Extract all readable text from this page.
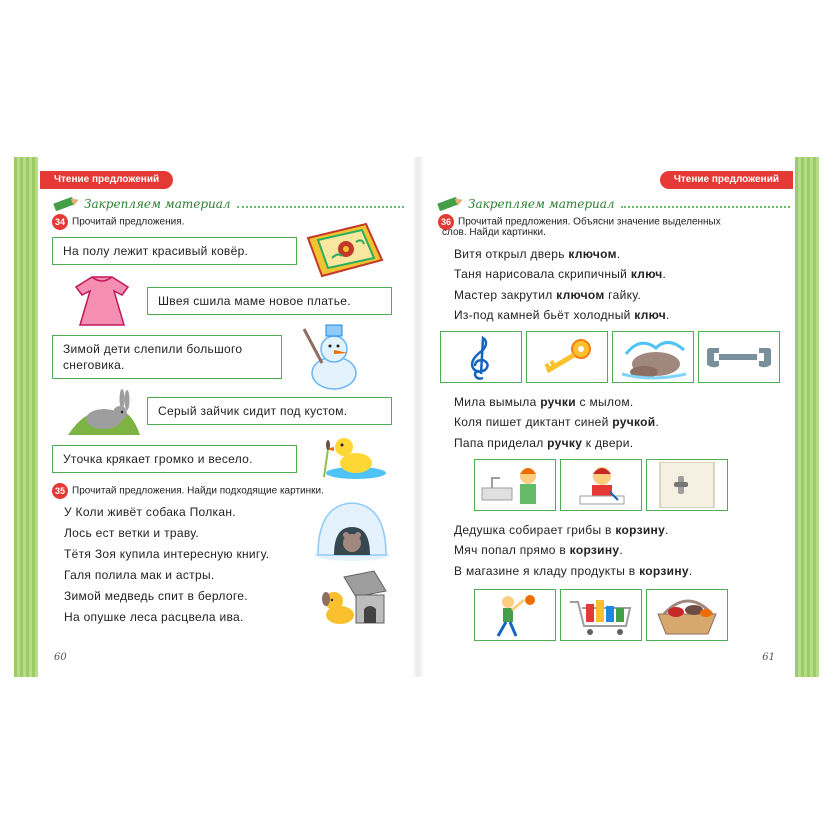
Чтение предложений
Закрепляем материал
34 Прочитай предложения.
На полу лежит красивый ковёр.
Швея сшила маме новое платье.
Зимой дети слепили большого снеговика.
Серый зайчик сидит под кустом.
Уточка крякает громко и весело.
35 Прочитай предложения. Найди подходящие картинки.
У Коли живёт собака Полкан.
Лось ест ветки и траву.
Тётя Зоя купила интересную книгу.
Галя полила мак и астры.
Зимой медведь спит в берлоге.
На опушке леса расцвела ива.
60
Чтение предложений
Закрепляем материал
36 Прочитай предложения. Объясни значение выделенных
слов. Найди картинки.
Витя открыл дверь ключом.
Таня нарисовала скрипичный ключ.
Мастер закрутил ключом гайку.
Из-под камней бьёт холодный ключ.
Мила вымыла ручки с мылом.
Коля пишет диктант синей ручкой.
Папа приделал ручку к двери.
Дедушка собирает грибы в корзину.
Мяч попал прямо в корзину.
В магазине я кладу продукты в корзину.
61
